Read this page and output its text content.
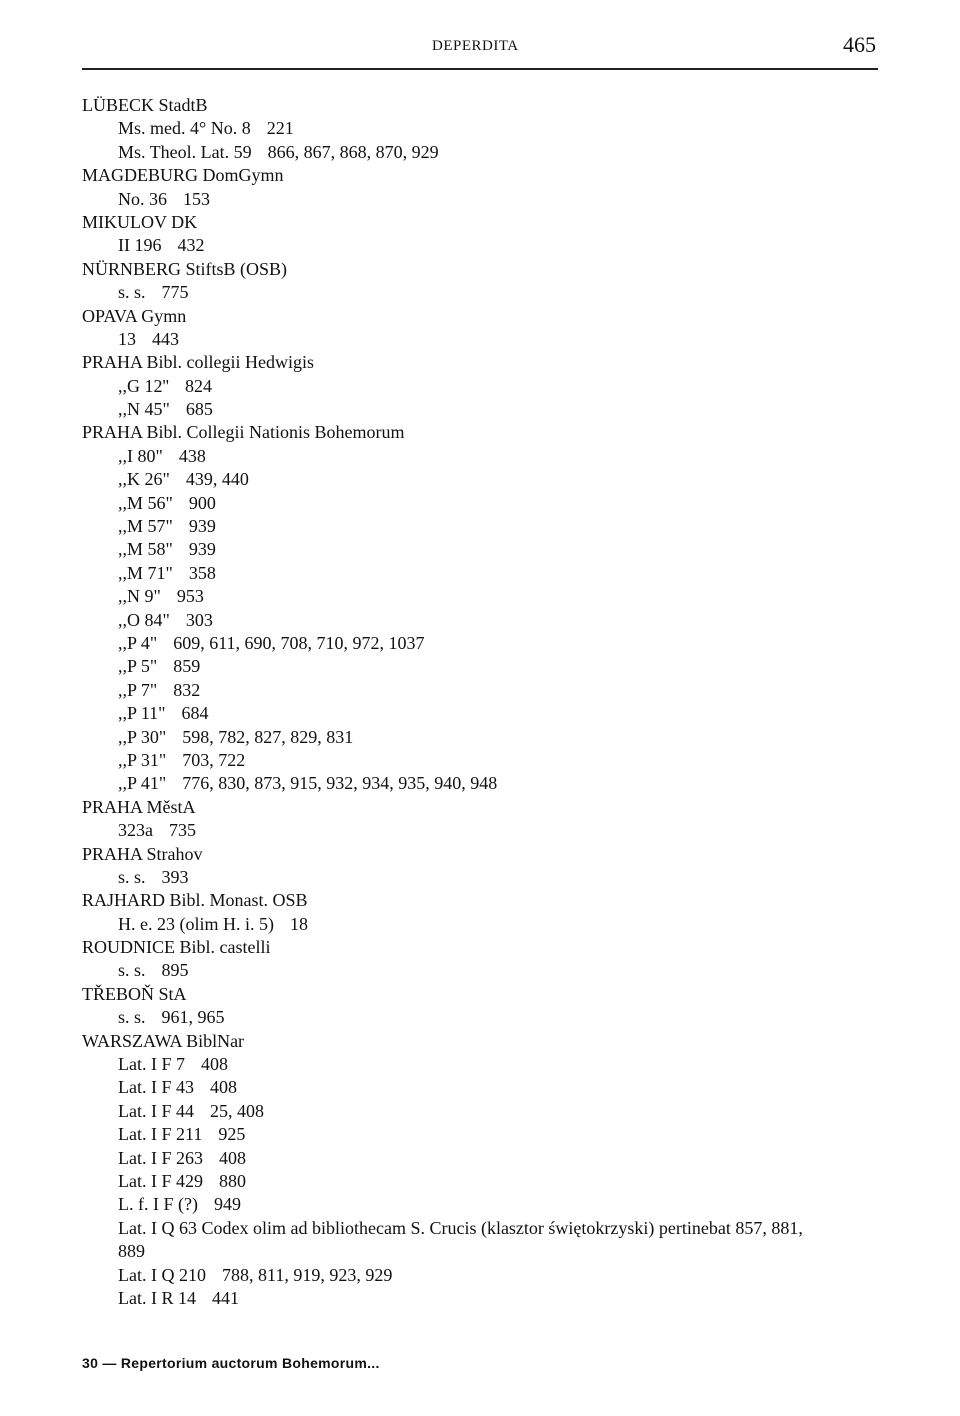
DEPERDITA	465
LÜBECK StadtB
Ms. med. 4° No. 8 221
Ms. Theol. Lat. 59 866, 867, 868, 870, 929
MAGDEBURG DomGymn
No. 36 153
MIKULOV DK
II 196 432
NÜRNBERG StiftsB (OSB)
s. s. 775
OPAVA Gymn
13 443
PRAHA Bibl. collegii Hedwigis
,,G 12'' 824
,,N 45" 685
PRAHA Bibl. Collegii Nationis Bohemorum
,,I 80" 438
,,K 26" 439, 440
,,M 56" 900
,,M 57" 939
,,M 58" 939
,,M 71" 358
,,N 9" 953
,,O 84" 303
,,P 4" 609, 611, 690, 708, 710, 972, 1037
,,P 5" 859
,,P 7" 832
,,P 11" 684
,,P 30" 598, 782, 827, 829, 831
,,P 31" 703, 722
,,P 41" 776, 830, 873, 915, 932, 934, 935, 940, 948
PRAHA MěstA
323a 735
PRAHA Strahov
s. s. 393
RAJHARD Bibl. Monast. OSB
H. e. 23 (olim H. i. 5) 18
ROUDNICE Bibl. castelli
s. s. 895
TŘEBOŇ StA
s. s. 961, 965
WARSZAWA BiblNar
Lat. I F 7 408
Lat. I F 43 408
Lat. I F 44 25, 408
Lat. I F 211 925
Lat. I F 263 408
Lat. I F 429 880
L. f. I F (?) 949
Lat. I Q 63 Codex olim ad bibliothecam S. Crucis (klasztor świętokrzyski) pertinebat 857, 881,
889
Lat. I Q 210 788, 811, 919, 923, 929
Lat. I R 14 441
30 — Repertorium auctorum Bohemorum...
